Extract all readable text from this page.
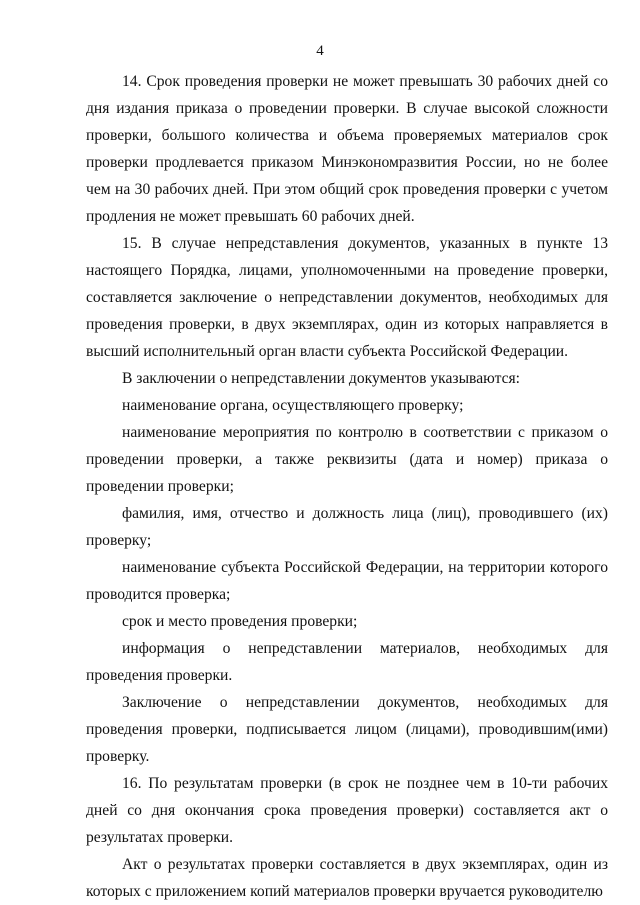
4

14. Срок проведения проверки не может превышать 30 рабочих дней со дня издания приказа о проведении проверки. В случае высокой сложности проверки, большого количества и объема проверяемых материалов срок проверки продлевается приказом Минэкономразвития России, но не более чем на 30 рабочих дней. При этом общий срок проведения проверки с учетом продления не может превышать 60 рабочих дней.

15. В случае непредставления документов, указанных в пункте 13 настоящего Порядка, лицами, уполномоченными на проведение проверки, составляется заключение о непредставлении документов, необходимых для проведения проверки, в двух экземплярах, один из которых направляется в высший исполнительный орган власти субъекта Российской Федерации.

В заключении о непредставлении документов указываются:

наименование органа, осуществляющего проверку;

наименование мероприятия по контролю в соответствии с приказом о проведении проверки, а также реквизиты (дата и номер) приказа о проведении проверки;

фамилия, имя, отчество и должность лица (лиц), проводившего (их) проверку;

наименование субъекта Российской Федерации, на территории которого проводится проверка;

срок и место проведения проверки;

информация о непредставлении материалов, необходимых для проведения проверки.

Заключение о непредставлении документов, необходимых для проведения проверки, подписывается лицом (лицами), проводившим(ими) проверку.

16. По результатам проверки (в срок не позднее чем в 10-ти рабочих дней со дня окончания срока проведения проверки) составляется акт о результатах проверки.

Акт о результатах проверки составляется в двух экземплярах, один из которых с приложением копий материалов проверки вручается руководителю
